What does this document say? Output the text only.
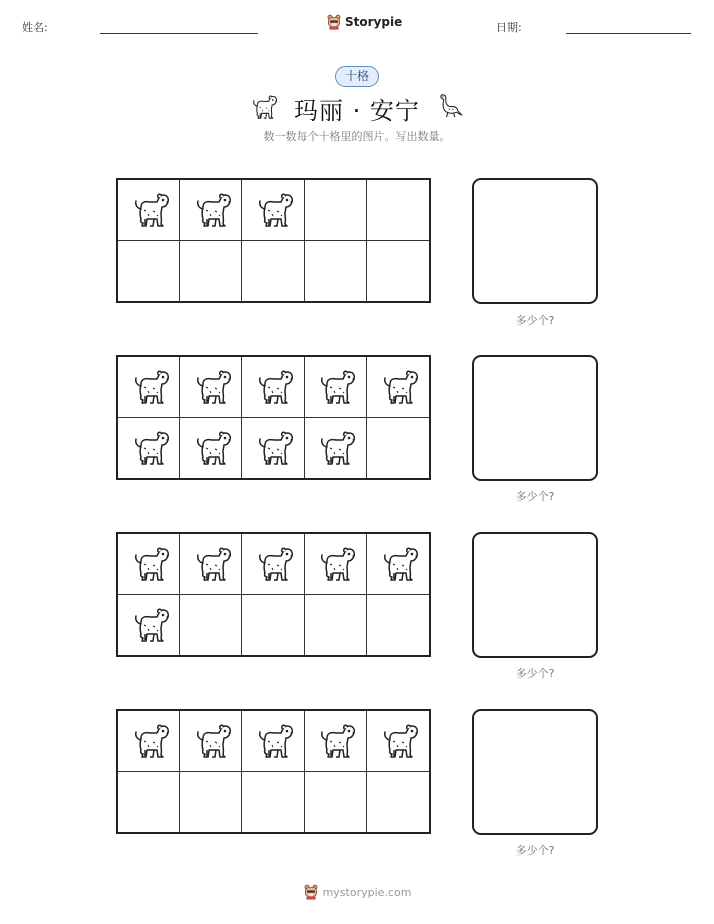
姓名:	Storypie	日期:
十格
玛丽 · 安宁
数一数每个十格里的图片。写出数量。
多少个?
多少个?
多少个?
多少个?
mystorypie.com
